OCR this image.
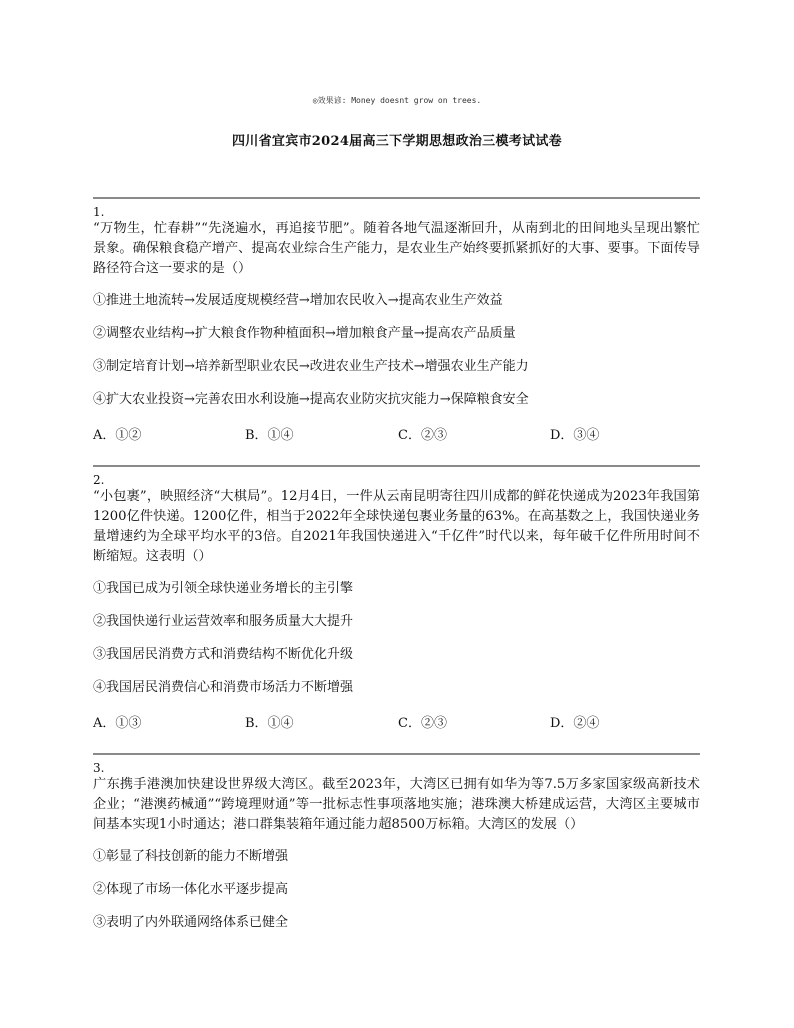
◎效果谚: Money doesnt grow on trees.
四川省宜宾市2024届高三下学期思想政治三模考试试卷
1.
“万物生，忙春耕”“先浇遍水，再追接节肥”。随着各地气温逐渐回升，从南到北的田间地头呈现出繁忙景象。确保粮食稳产增产、提高农业综合生产能力，是农业生产始终要抓紧抓好的大事、要事。下面传导路径符合这一要求的是（）
①推进土地流转→发展适度规模经营→增加农民收入→提高农业生产效益
②调整农业结构→扩大粮食作物种植面积→增加粮食产量→提高农产品质量
③制定培育计划→培养新型职业农民→改进农业生产技术→增强农业生产能力
④扩大农业投资→完善农田水利设施→提高农业防灾抗灾能力→保障粮食安全
A．①②	B．①④	C．②③	D．③④
2.
“小包裹”，映照经济“大棋局”。12月4日，一件从云南昆明寄往四川成都的鲜花快递成为2023年我国第1200亿件快递。1200亿件，相当于2022年全球快递包裹业务量的63%。在高基数之上，我国快递业务量增速约为全球平均水平的3倍。自2021年我国快递进入“千亿件”时代以来，每年破千亿件所用时间不断缩短。这表明（）
①我国已成为引领全球快递业务增长的主引擎
②我国快递行业运营效率和服务质量大大提升
③我国居民消费方式和消费结构不断优化升级
④我国居民消费信心和消费市场活力不断增强
A．①③	B．①④	C．②③	D．②④
3.
广东携手港澳加快建设世界级大湾区。截至2023年，大湾区已拥有如华为等7.5万多家国家级高新技术企业；“港澳药械通”“跨境理财通”等一批标志性事项落地实施；港珠澳大桥建成运营，大湾区主要城市间基本实现1小时通达；港口群集装箱年通过能力超8500万标箱。大湾区的发展（）
①彰显了科技创新的能力不断增强
②体现了市场一体化水平逐步提高
③表明了内外联通网络体系已健全
